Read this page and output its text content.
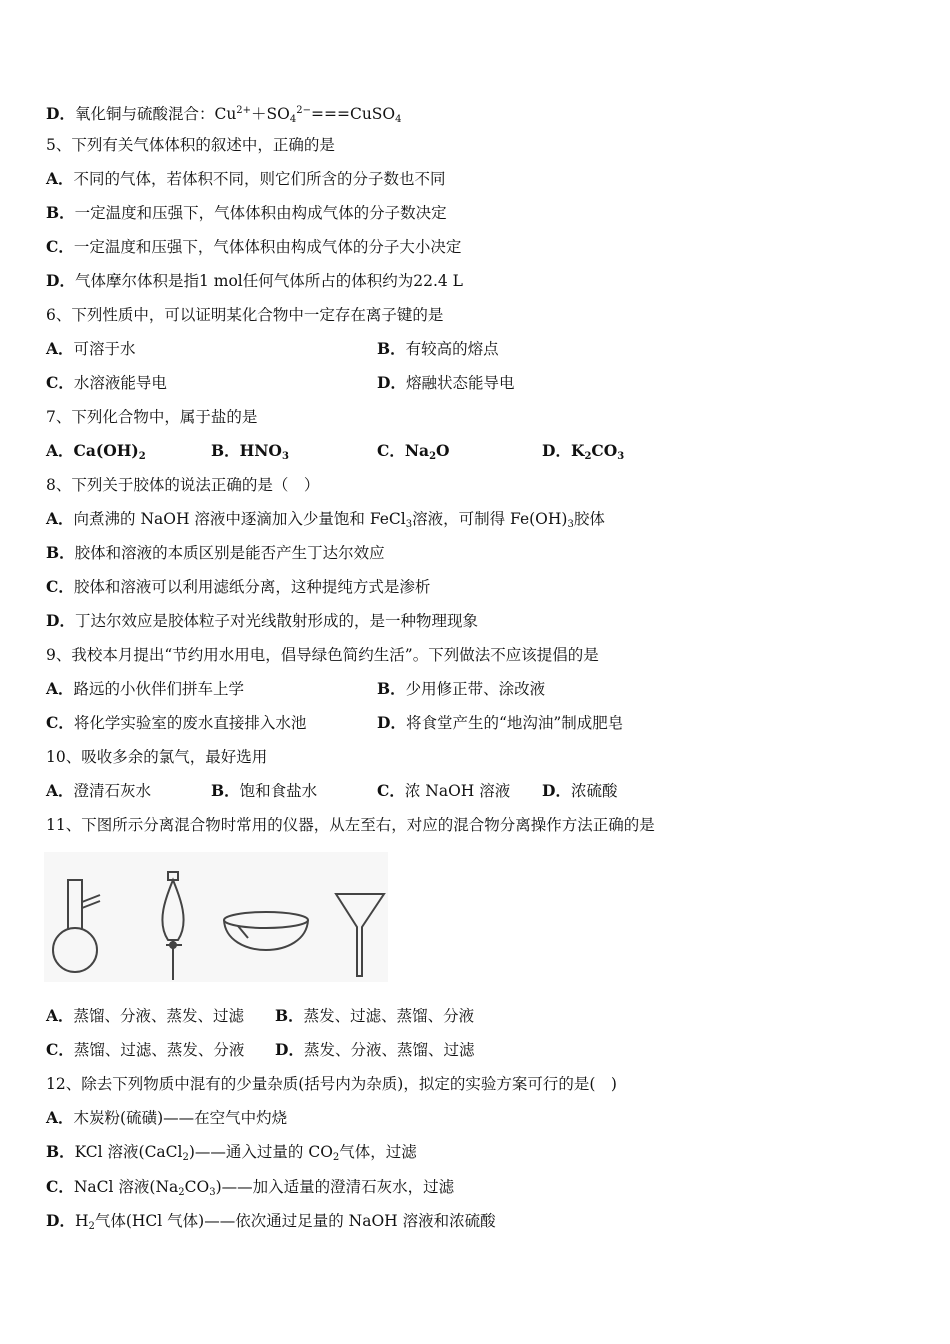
D．氧化铜与硫酸混合：$Cu^{2+}+SO_4^{2-}===CuSO_4$
5、下列有关气体体积的叙述中，正确的是
A．不同的气体，若体积不同，则它们所含的分子数也不同
B．一定温度和压强下，气体体积由构成气体的分子数决定
C．一定温度和压强下，气体体积由构成气体的分子大小决定
D．气体摩尔体积是指1 mol任何气体所占的体积约为22.4 L
6、下列性质中，可以证明某化合物中一定存在离子键的是
A．可溶于水	B．有较高的熔点
C．水溶液能导电	D．熔融状态能导电
7、下列化合物中，属于盐的是
A．$Ca(OH)_2$	B．$HNO_3$	C．$Na_2O$	D．$K_2CO_3$
8、下列关于胶体的说法正确的是（　）
A．向煮沸的 NaOH 溶液中逐滴加入少量饱和 FeCl$_3$溶液，可制得 $Fe(OH)_3$胶体
B．胶体和溶液的本质区别是能否产生丁达尔效应
C．胶体和溶液可以利用滤纸分离，这种提纯方式是渗析
D．丁达尔效应是胶体粒子对光线散射形成的，是一种物理现象
9、我校本月提出“节约用水用电，倡导绿色简约生活”。下列做法不应该提倡的是
A．路远的小伙伴们拼车上学	B．少用修正带、涂改液
C．将化学实验室的废水直接排入水池	D．将食堂产生的“地沟油”制成肥皂
10、吸收多余的氯气，最好选用
A．澄清石灰水	B．饱和食盐水	C．浓 NaOH 溶液 D．浓硫酸
11、下图所示分离混合物时常用的仪器，从左至右，对应的混合物分离操作方法正确的是
A．蒸馏、分液、蒸发、过滤 B．蒸发、过滤、蒸馏、分液
C．蒸馏、过滤、蒸发、分液 D．蒸发、分液、蒸馏、过滤
12、除去下列物质中混有的少量杂质(括号内为杂质)，拟定的实验方案可行的是(　)
A．木炭粉(硫磺)——在空气中灼烧
B．KCl 溶液(CaCl$_2$)——通入过量的 $CO_2$气体，过滤
C．NaCl 溶液$(Na_2CO_3)——$加入适量的澄清石灰水，过滤
D．$H_2$气体(HCl 气体)——依次通过足量的 NaOH 溶液和浓硫酸
